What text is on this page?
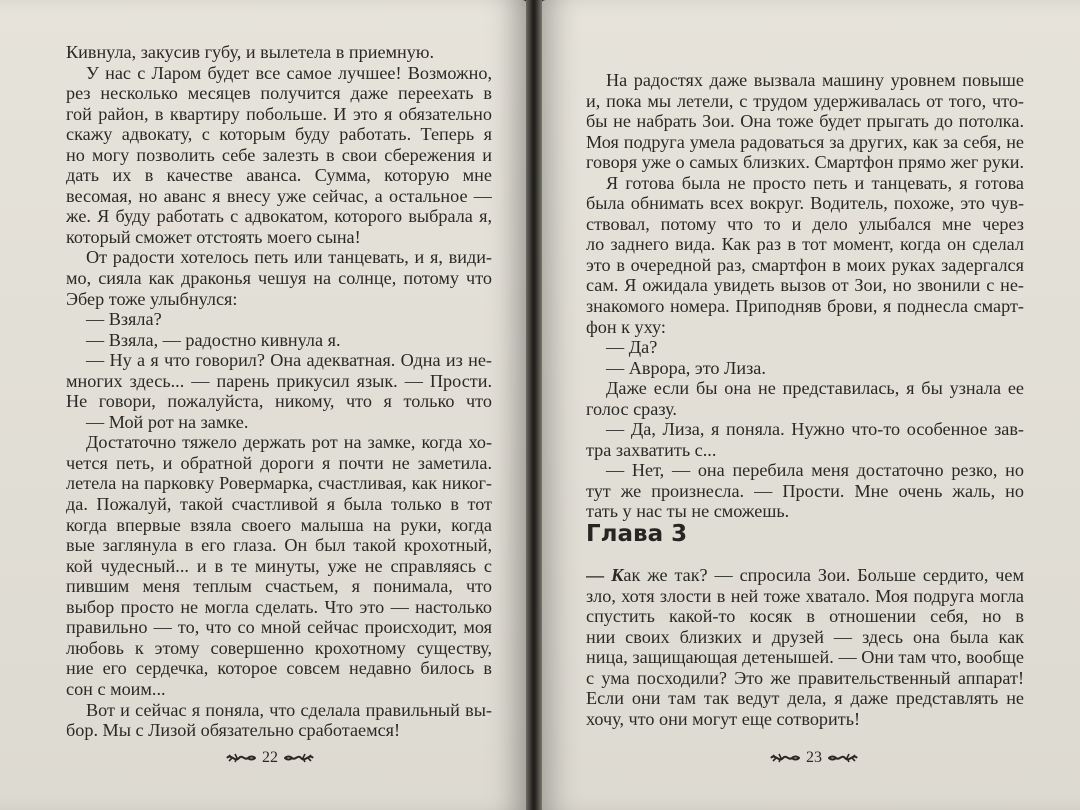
Кивнула, закусив губу, и вылетела в приемную.
У нас с Ларом будет все самое лучшее! Возможно,
рез несколько месяцев получится даже переехать в
гой район, в квартиру побольше. И это я обязательно
скажу адвокату, с которым буду работать. Теперь я
но могу позволить себе залезть в свои сбережения и
дать их в качестве аванса. Сумма, которую мне
весомая, но аванс я внесу уже сейчас, а остальное —
же. Я буду работать с адвокатом, которого выбрала я,
который сможет отстоять моего сына!
От радости хотелось петь или танцевать, и я, види-
мо, сияла как драконья чешуя на солнце, потому что
Эбер тоже улыбнулся:
— Взяла?
— Взяла, — радостно кивнула я.
— Ну а я что говорил? Она адекватная. Одна из не-
многих здесь... — парень прикусил язык. — Прости.
Не говори, пожалуйста, никому, что я только что
— Мой рот на замке.
Достаточно тяжело держать рот на замке, когда хо-
чется петь, и обратной дороги я почти не заметила.
летела на парковку Ровермарка, счастливая, как никог-
да. Пожалуй, такой счастливой я была только в тот
когда впервые взяла своего малыша на руки, когда
вые заглянула в его глаза. Он был такой крохотный,
кой чудесный... и в те минуты, уже не справляясь с
пившим меня теплым счастьем, я понимала, что
выбор просто не могла сделать. Что это — настолько
правильно — то, что со мной сейчас происходит, моя
любовь к этому совершенно крохотному существу,
ние его сердечка, которое совсем недавно билось в
сон с моим...
Вот и сейчас я поняла, что сделала правильный вы-
бор. Мы с Лизой обязательно сработаемся!
На радостях даже вызвала машину уровнем повыше
и, пока мы летели, с трудом удерживалась от того, что-
бы не набрать Зои. Она тоже будет прыгать до потолка.
Моя подруга умела радоваться за других, как за себя, не
говоря уже о самых близких. Смартфон прямо жег руки.
Я готова была не просто петь и танцевать, я готова
была обнимать всех вокруг. Водитель, похоже, это чув-
ствовал, потому что то и дело улыбался мне через
ло заднего вида. Как раз в тот момент, когда он сделал
это в очередной раз, смартфон в моих руках задергался
сам. Я ожидала увидеть вызов от Зои, но звонили с не-
знакомого номера. Приподняв брови, я поднесла смарт-
фон к уху:
— Да?
— Аврора, это Лиза.
Даже если бы она не представилась, я бы узнала ее
голос сразу.
— Да, Лиза, я поняла. Нужно что-то особенное зав-
тра захватить с...
— Нет, — она перебила меня достаточно резко, но
тут же произнесла. — Прости. Мне очень жаль, но
тать у нас ты не сможешь.
Глава 3
— Как же так? — спросила Зои. Больше сердито, чем
зло, хотя злости в ней тоже хватало. Моя подруга могла
спустить какой-то косяк в отношении себя, но в
нии своих близких и друзей — здесь она была как
ница, защищающая детенышей. — Они там что, вообще
с ума посходили? Это же правительственный аппарат!
Если они там так ведут дела, я даже представлять не
хочу, что они могут еще сотворить!
22	23
